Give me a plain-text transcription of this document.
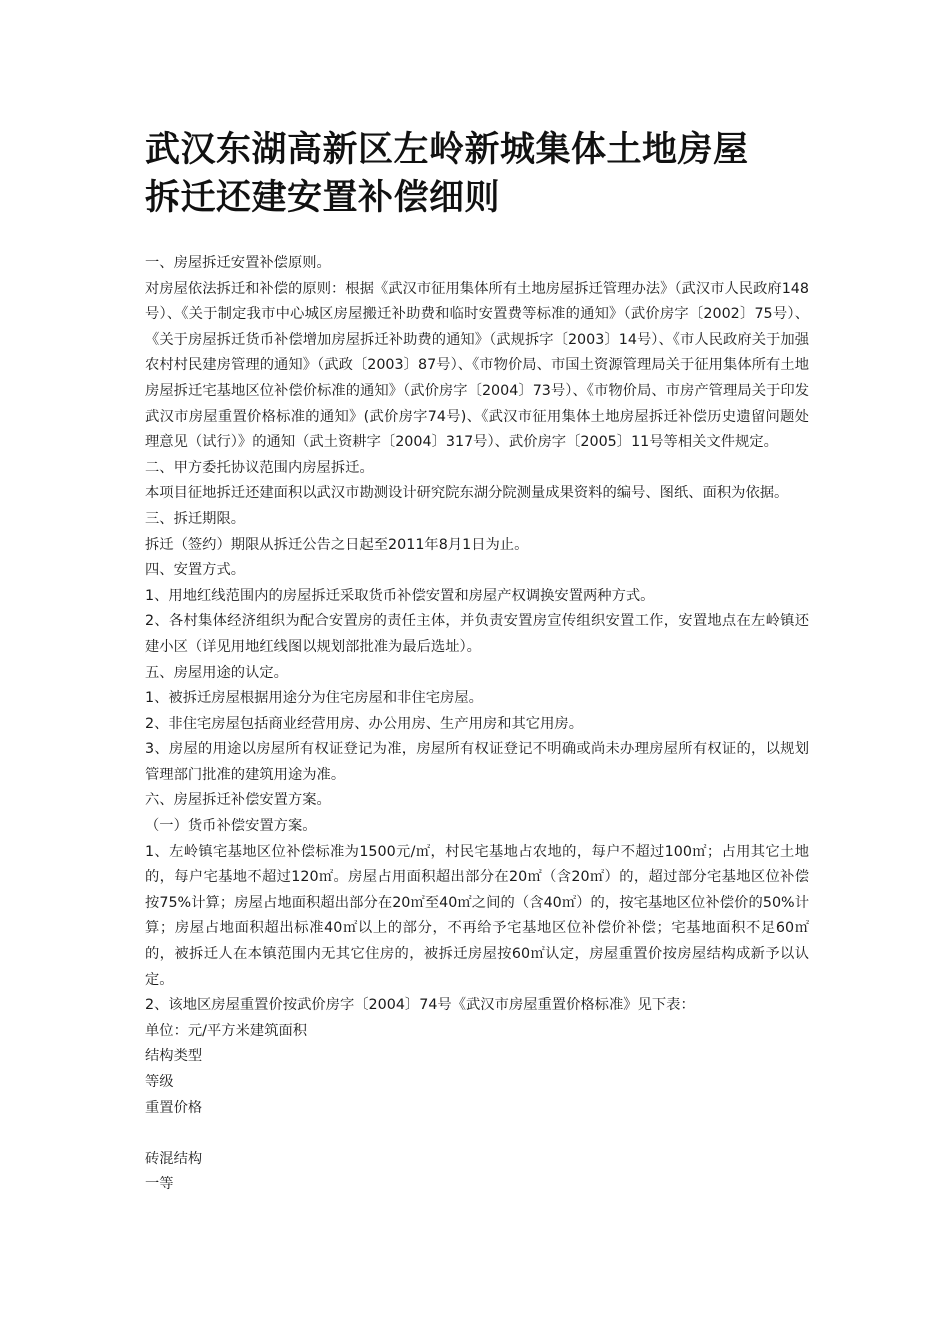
武汉东湖高新区左岭新城集体土地房屋
拆迁还建安置补偿细则

一、房屋拆迁安置补偿原则。

对房屋依法拆迁和补偿的原则：根据《武汉市征用集体所有土地房屋拆迁管理办法》（武汉市人民政府148号）、《关于制定我市中心城区房屋搬迁补助费和临时安置费等标准的通知》（武价房字〔2002〕75号）、《关于房屋拆迁货币补偿增加房屋拆迁补助费的通知》（武规拆字〔2003〕14号）、《市人民政府关于加强农村村民建房管理的通知》（武政〔2003〕87号）、《市物价局、市国土资源管理局关于征用集体所有土地房屋拆迁宅基地区位补偿价标准的通知》（武价房字〔2004〕73号）、《市物价局、市房产管理局关于印发武汉市房屋重置价格标准的通知》(武价房字74号)、《武汉市征用集体土地房屋拆迁补偿历史遗留问题处理意见（试行）》的通知（武土资耕字〔2004〕317号）、武价房字〔2005〕11号等相关文件规定。

二、甲方委托协议范围内房屋拆迁。

本项目征地拆迁还建面积以武汉市勘测设计研究院东湖分院测量成果资料的编号、图纸、面积为依据。

三、拆迁期限。

拆迁（签约）期限从拆迁公告之日起至2011年8月1日为止。

四、安置方式。

1、用地红线范围内的房屋拆迁采取货币补偿安置和房屋产权调换安置两种方式。

2、各村集体经济组织为配合安置房的责任主体，并负责安置房宣传组织安置工作，安置地点在左岭镇还建小区（详见用地红线图以规划部批准为最后选址）。

五、房屋用途的认定。

1、被拆迁房屋根据用途分为住宅房屋和非住宅房屋。

2、非住宅房屋包括商业经营用房、办公用房、生产用房和其它用房。

3、房屋的用途以房屋所有权证登记为准，房屋所有权证登记不明确或尚未办理房屋所有权证的，以规划管理部门批准的建筑用途为准。

六、房屋拆迁补偿安置方案。

（一）货币补偿安置方案。

1、左岭镇宅基地区位补偿标准为1500元/㎡，村民宅基地占农地的，每户不超过100㎡；占用其它土地的，每户宅基地不超过120㎡。房屋占用面积超出部分在20㎡（含20㎡）的，超过部分宅基地区位补偿按75%计算；房屋占地面积超出部分在20㎡至40㎡之间的（含40㎡）的，按宅基地区位补偿价的50%计算；房屋占地面积超出标准40㎡以上的部分，不再给予宅基地区位补偿价补偿；宅基地面积不足60㎡的，被拆迁人在本镇范围内无其它住房的，被拆迁房屋按60㎡认定，房屋重置价按房屋结构成新予以认定。

2、该地区房屋重置价按武价房字〔2004〕74号《武汉市房屋重置价格标准》见下表：

单位：元/平方米建筑面积

结构类型

等级

重置价格

砖混结构

一等
